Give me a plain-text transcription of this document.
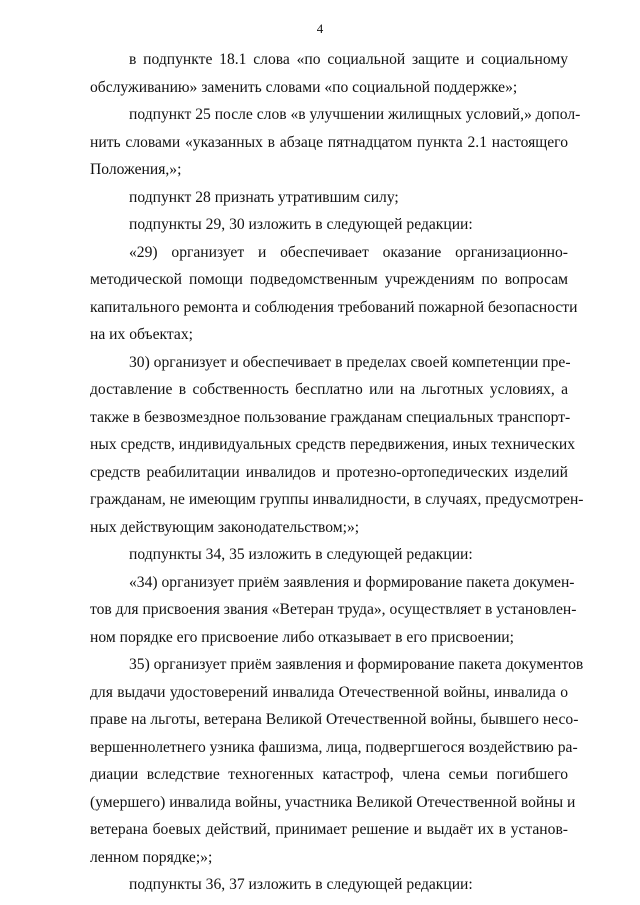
4
в подпункте 18.1 слова «по социальной защите и социальному
обслуживанию» заменить словами «по социальной поддержке»;
подпункт 25 после слов «в улучшении жилищных условий,» допол-
нить словами «указанных в абзаце пятнадцатом пункта 2.1 настоящего
Положения,»;
подпункт 28 признать утратившим силу;
подпункты 29, 30 изложить в следующей редакции:
«29) организует и обеспечивает оказание организационно-
методической помощи подведомственным учреждениям по вопросам
капитального ремонта и соблюдения требований пожарной безопасности
на их объектах;
30) организует и обеспечивает в пределах своей компетенции пре-
доставление в собственность бесплатно или на льготных условиях, а
также в безвозмездное пользование гражданам специальных транспорт-
ных средств, индивидуальных средств передвижения, иных технических
средств реабилитации инвалидов и протезно-ортопедических изделий
гражданам, не имеющим группы инвалидности, в случаях, предусмотрен-
ных действующим законодательством;»;
подпункты 34, 35 изложить в следующей редакции:
«34) организует приём заявления и формирование пакета докумен-
тов для присвоения звания «Ветеран труда», осуществляет в установлен-
ном порядке его присвоение либо отказывает в его присвоении;
35) организует приём заявления и формирование пакета документов
для выдачи удостоверений инвалида Отечественной войны, инвалида о
праве на льготы, ветерана Великой Отечественной войны, бывшего несо-
вершеннолетнего узника фашизма, лица, подвергшегося воздействию ра-
диации вследствие техногенных катастроф, члена семьи погибшего
(умершего) инвалида войны, участника Великой Отечественной войны и
ветерана боевых действий, принимает решение и выдаёт их в установ-
ленном порядке;»;
подпункты 36, 37 изложить в следующей редакции:
